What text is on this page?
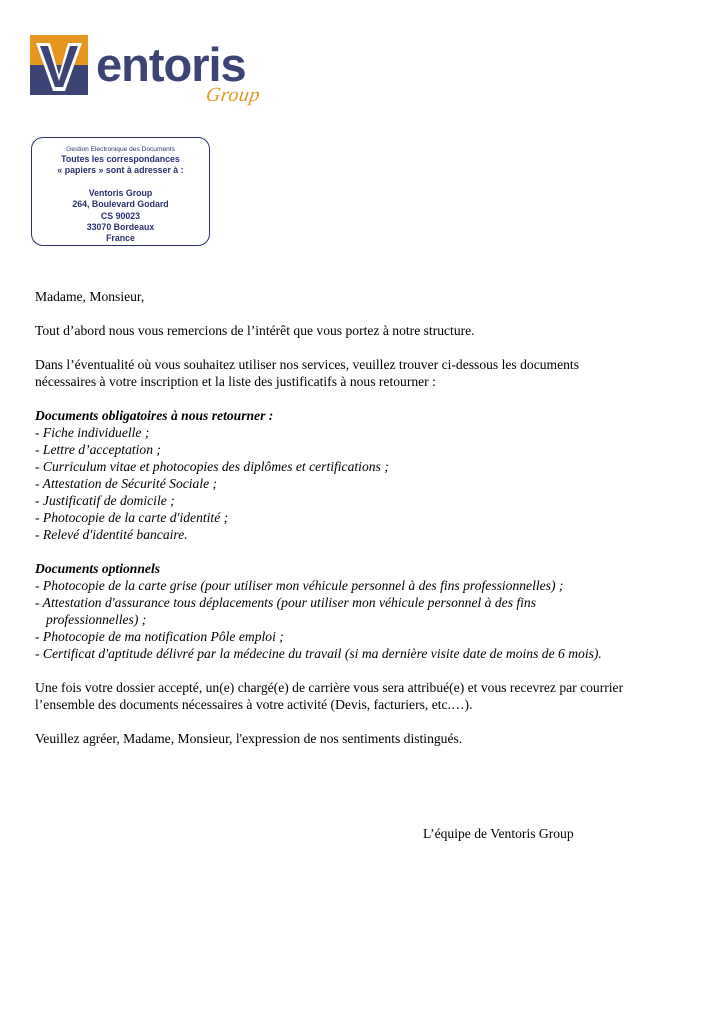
entoris
Group
Gestion Electronique des Documents
Toutes les correspondances
« papiers » sont à adresser à :
Ventoris Group
264, Boulevard Godard
CS 90023
33070 Bordeaux
France

Madame, Monsieur,

Tout d’abord nous vous remercions de l’intérêt que vous portez à notre structure.

Dans l’éventualité où vous souhaitez utiliser nos services, veuillez trouver ci-dessous les documents

nécessaires à votre inscription et la liste des justificatifs à nous retourner :

Documents obligatoires à nous retourner :

- Fiche individuelle ;

- Lettre d’acceptation ;

- Curriculum vitae et photocopies des diplômes et certifications ;

- Attestation de Sécurité Sociale ;

- Justificatif de domicile ;

- Photocopie de la carte d'identité ;

- Relevé d'identité bancaire.

Documents optionnels

- Photocopie de la carte grise (pour utiliser mon véhicule personnel à des fins professionnelles) ;

- Attestation d'assurance tous déplacements (pour utiliser mon véhicule personnel à des fins

professionnelles) ;

- Photocopie de ma notification Pôle emploi ;

- Certificat d'aptitude délivré par la médecine du travail (si ma dernière visite date de moins de 6 mois).

Une fois votre dossier accepté, un(e) chargé(e) de carrière vous sera attribué(e) et vous recevrez par courrier

l’ensemble des documents nécessaires à votre activité (Devis, facturiers, etc.…).

Veuillez agréer, Madame, Monsieur, l'expression de nos sentiments distingués.

L’équipe de Ventoris Group
